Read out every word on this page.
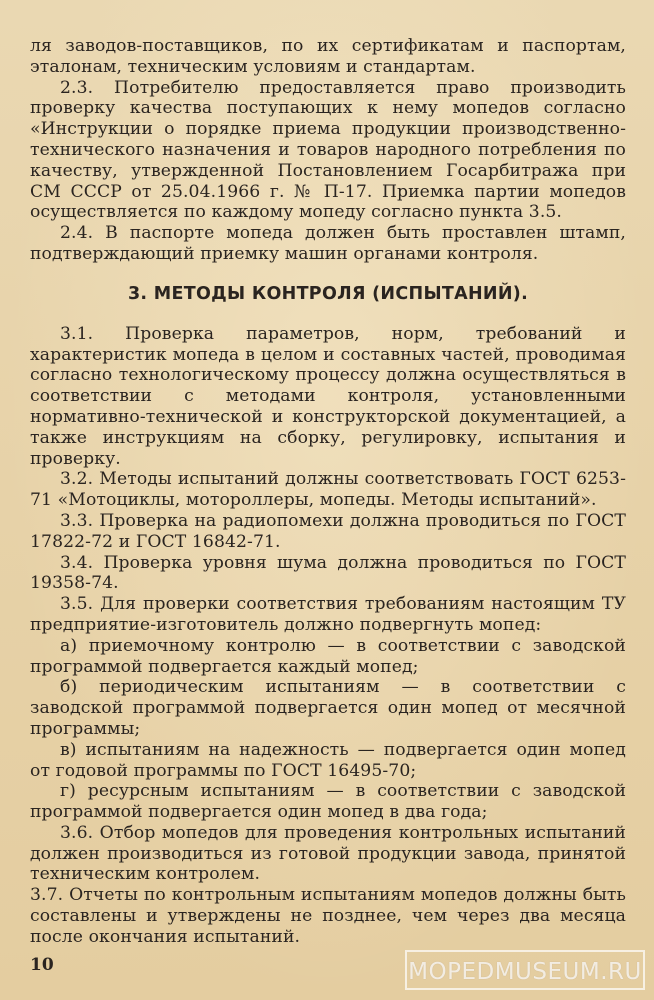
ля заводов-поставщиков, по их сертификатам и паспортам, эталонам, техническим условиям и стандартам.

2.3. Потребителю предоставляется право производить проверку качества поступающих к нему мопедов согласно «Инструкции о порядке приема продукции производственно-технического назначения и товаров народного потребления по качеству, утвержденной Постановлением Госарбитража при СМ СССР от 25.04.1966 г. № П-17. Приемка партии мопедов осуществляется по каждому мопеду согласно пункта 3.5.

2.4. В паспорте мопеда должен быть проставлен штамп, подтверждающий приемку машин органами контроля.

3. МЕТОДЫ КОНТРОЛЯ (ИСПЫТАНИЙ).

3.1. Проверка параметров, норм, требований и характеристик мопеда в целом и составных частей, проводимая согласно технологическому процессу должна осуществляться в соответствии с методами контроля, установленными нормативно-технической и конструкторской документацией, а также инструкциям на сборку, регулировку, испытания и проверку.

3.2. Методы испытаний должны соответствовать ГОСТ 6253-71 «Мотоциклы, мотороллеры, мопеды. Методы испытаний».

3.3. Проверка на радиопомехи должна проводиться по ГОСТ 17822-72 и ГОСТ 16842-71.

3.4. Проверка уровня шума должна проводиться по ГОСТ 19358-74.

3.5. Для проверки соответствия требованиям настоящим ТУ предприятие-изготовитель должно подвергнуть мопед:

а) приемочному контролю — в соответствии с заводской программой подвергается каждый мопед;

б) периодическим испытаниям — в соответствии с заводской программой подвергается один мопед от месячной программы;

в) испытаниям на надежность — подвергается один мопед от годовой программы по ГОСТ 16495-70;

г) ресурсным испытаниям — в соответствии с заводской программой подвергается один мопед в два года;

3.6. Отбор мопедов для проведения контрольных испытаний должен производиться из готовой продукции завода, принятой техническим контролем.

3.7. Отчеты по контрольным испытаниям мопедов должны быть составлены и утверждены не позднее, чем через два месяца после окончания испытаний.

10	MOPEDMUSEUM.RU
